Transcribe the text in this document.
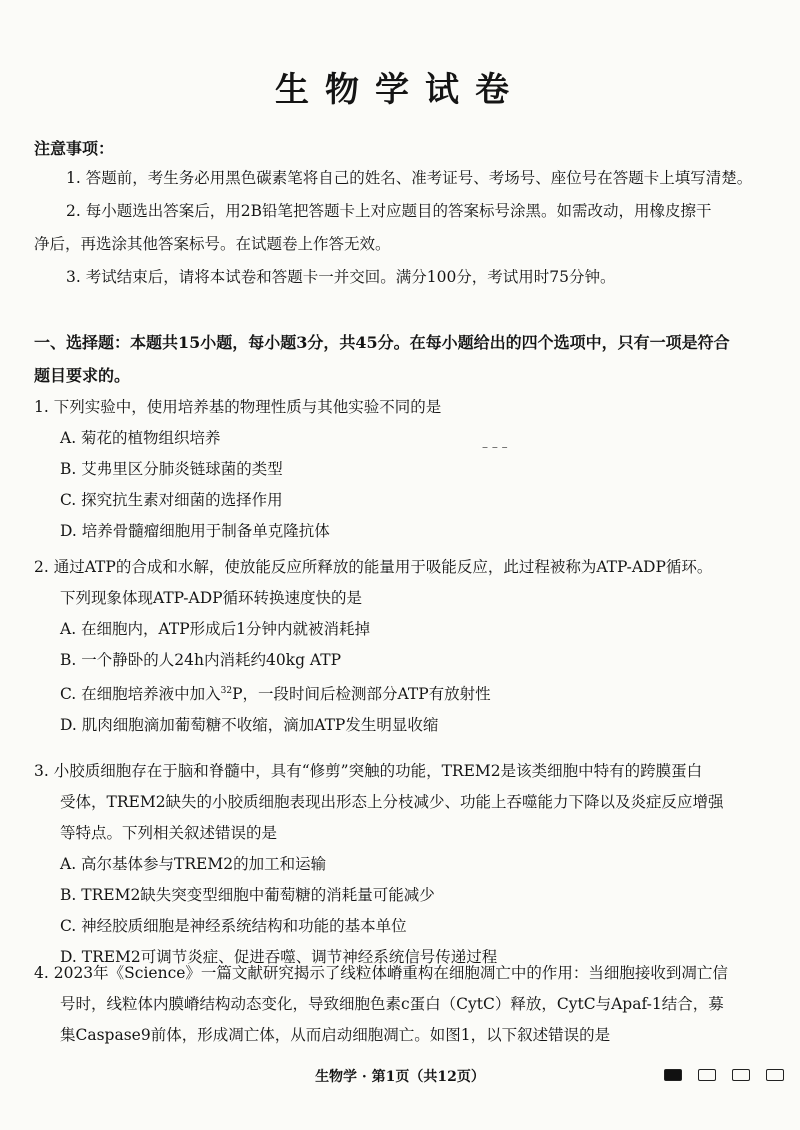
生物学试卷
注意事项：
1. 答题前，考生务必用黑色碳素笔将自己的姓名、准考证号、考场号、座位号在答题卡上填写清楚。
2. 每小题选出答案后，用2B铅笔把答题卡上对应题目的答案标号涂黑。如需改动，用橡皮擦干
净后，再选涂其他答案标号。在试题卷上作答无效。
3. 考试结束后，请将本试卷和答题卡一并交回。满分100分，考试用时75分钟。
一、选择题：本题共15小题，每小题3分，共45分。在每小题给出的四个选项中，只有一项是符合
题目要求的。
1. 下列实验中，使用培养基的物理性质与其他实验不同的是
A. 菊花的植物组织培养
B. 艾弗里区分肺炎链球菌的类型
C. 探究抗生素对细菌的选择作用
D. 培养骨髓瘤细胞用于制备单克隆抗体
– – –
2. 通过ATP的合成和水解，使放能反应所释放的能量用于吸能反应，此过程被称为ATP-ADP循环。
下列现象体现ATP-ADP循环转换速度快的是
A. 在细胞内，ATP形成后1分钟内就被消耗掉
B. 一个静卧的人24h内消耗约40kg ATP
C. 在细胞培养液中加入$^{32}$P，一段时间后检测部分ATP有放射性
D. 肌肉细胞滴加葡萄糖不收缩，滴加ATP发生明显收缩
3. 小胶质细胞存在于脑和脊髓中，具有“修剪”突触的功能，TREM2是该类细胞中特有的跨膜蛋白
受体，TREM2缺失的小胶质细胞表现出形态上分枝减少、功能上吞噬能力下降以及炎症反应增强
等特点。下列相关叙述错误的是
A. 高尔基体参与TREM2的加工和运输
B. TREM2缺失突变型细胞中葡萄糖的消耗量可能减少
C. 神经胶质细胞是神经系统结构和功能的基本单位
D. TREM2可调节炎症、促进吞噬、调节神经系统信号传递过程
4. 2023年《Science》一篇文献研究揭示了线粒体嵴重构在细胞凋亡中的作用：当细胞接收到凋亡信
号时，线粒体内膜嵴结构动态变化，导致细胞色素c蛋白（CytC）释放，CytC与Apaf-1结合，募
集Caspase9前体，形成凋亡体，从而启动细胞凋亡。如图1，以下叙述错误的是
生物学 · 第1页（共12页）
